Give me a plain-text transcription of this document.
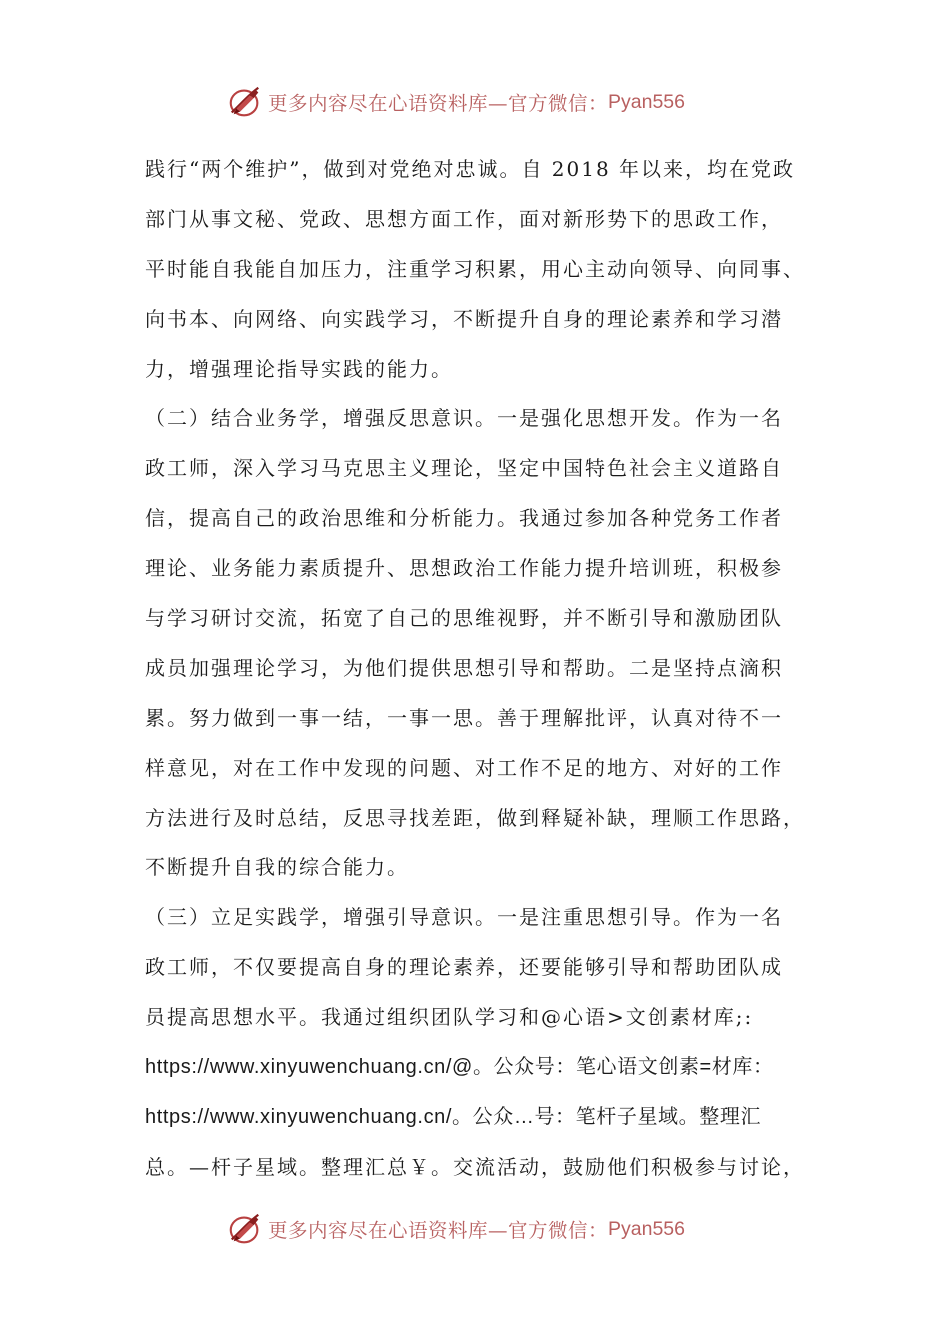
更多内容尽在心语资料库—官方微信： Pyan556
践行“两个维护”，做到对党绝对忠诚。自 2018 年以来，均在党政
部门从事文秘、党政、思想方面工作，面对新形势下的思政工作，
平时能自我能自加压力，注重学习积累，用心主动向领导、向同事、
向书本、向网络、向实践学习，不断提升自身的理论素养和学习潜
力，增强理论指导实践的能力。
（二）结合业务学，增强反思意识。一是强化思想开发。作为一名
政工师，深入学习马克思主义理论，坚定中国特色社会主义道路自
信，提高自己的政治思维和分析能力。我通过参加各种党务工作者
理论、业务能力素质提升、思想政治工作能力提升培训班，积极参
与学习研讨交流，拓宽了自己的思维视野，并不断引导和激励团队
成员加强理论学习，为他们提供思想引导和帮助。二是坚持点滴积
累。努力做到一事一结，一事一思。善于理解批评，认真对待不一
样意见，对在工作中发现的问题、对工作不足的地方、对好的工作
方法进行及时总结，反思寻找差距，做到释疑补缺，理顺工作思路，
不断提升自我的综合能力。
（三）立足实践学，增强引导意识。一是注重思想引导。作为一名
政工师，不仅要提高自身的理论素养，还要能够引导和帮助团队成
员提高思想水平。我通过组织团队学习和@心语>文创素材库;:
https://www.xinyuwenchuang.cn/@。公众号：笔心语文创素=材库：
https://www.xinyuwenchuang.cn/。公众…号：笔杆子星域。整理汇
总。—杆子星域。整理汇总￥。交流活动，鼓励他们积极参与讨论，
更多内容尽在心语资料库—官方微信： Pyan556
